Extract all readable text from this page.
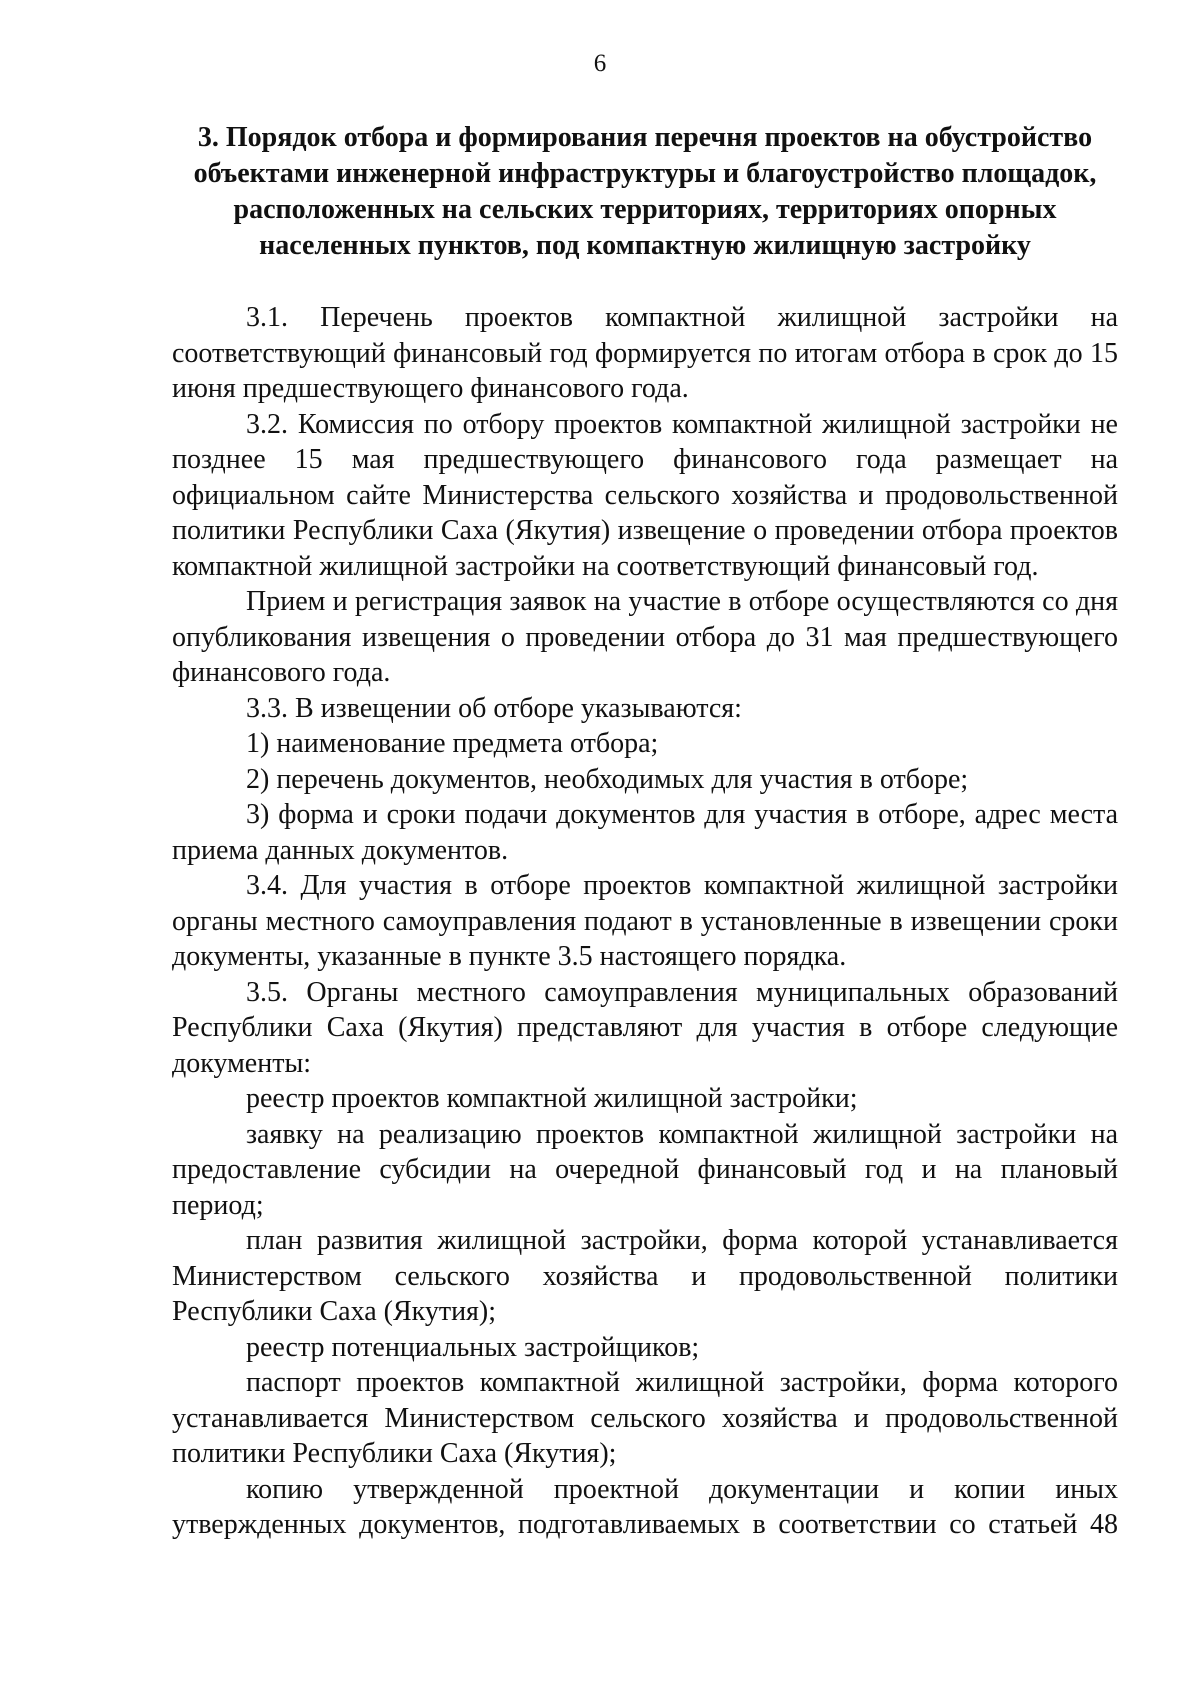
6
3. Порядок отбора и формирования перечня проектов на обустройство объектами инженерной инфраструктуры и благоустройство площадок, расположенных на сельских территориях, территориях опорных населенных пунктов, под компактную жилищную застройку

3.1. Перечень проектов компактной жилищной застройки на соответствующий финансовый год формируется по итогам отбора в срок до 15 июня предшествующего финансового года.

3.2. Комиссия по отбору проектов компактной жилищной застройки не позднее 15 мая предшествующего финансового года размещает на официальном сайте Министерства сельского хозяйства и продовольственной политики Республики Саха (Якутия) извещение о проведении отбора проектов компактной жилищной застройки на соответствующий финансовый год.

Прием и регистрация заявок на участие в отборе осуществляются со дня опубликования извещения о проведении отбора до 31 мая предшествующего финансового года.

3.3. В извещении об отборе указываются:

1) наименование предмета отбора;

2) перечень документов, необходимых для участия в отборе;

3) форма и сроки подачи документов для участия в отборе, адрес места приема данных документов.

3.4. Для участия в отборе проектов компактной жилищной застройки органы местного самоуправления подают в установленные в извещении сроки документы, указанные в пункте 3.5 настоящего порядка.

3.5. Органы местного самоуправления муниципальных образований Республики Саха (Якутия) представляют для участия в отборе следующие документы:

реестр проектов компактной жилищной застройки;

заявку на реализацию проектов компактной жилищной застройки на предоставление субсидии на очередной финансовый год и на плановый период;

план развития жилищной застройки, форма которой устанавливается Министерством сельского хозяйства и продовольственной политики Республики Саха (Якутия);

реестр потенциальных застройщиков;

паспорт проектов компактной жилищной застройки, форма которого устанавливается Министерством сельского хозяйства и продовольственной политики Республики Саха (Якутия);

копию утвержденной проектной документации и копии иных утвержденных документов, подготавливаемых в соответствии со статьей 48
